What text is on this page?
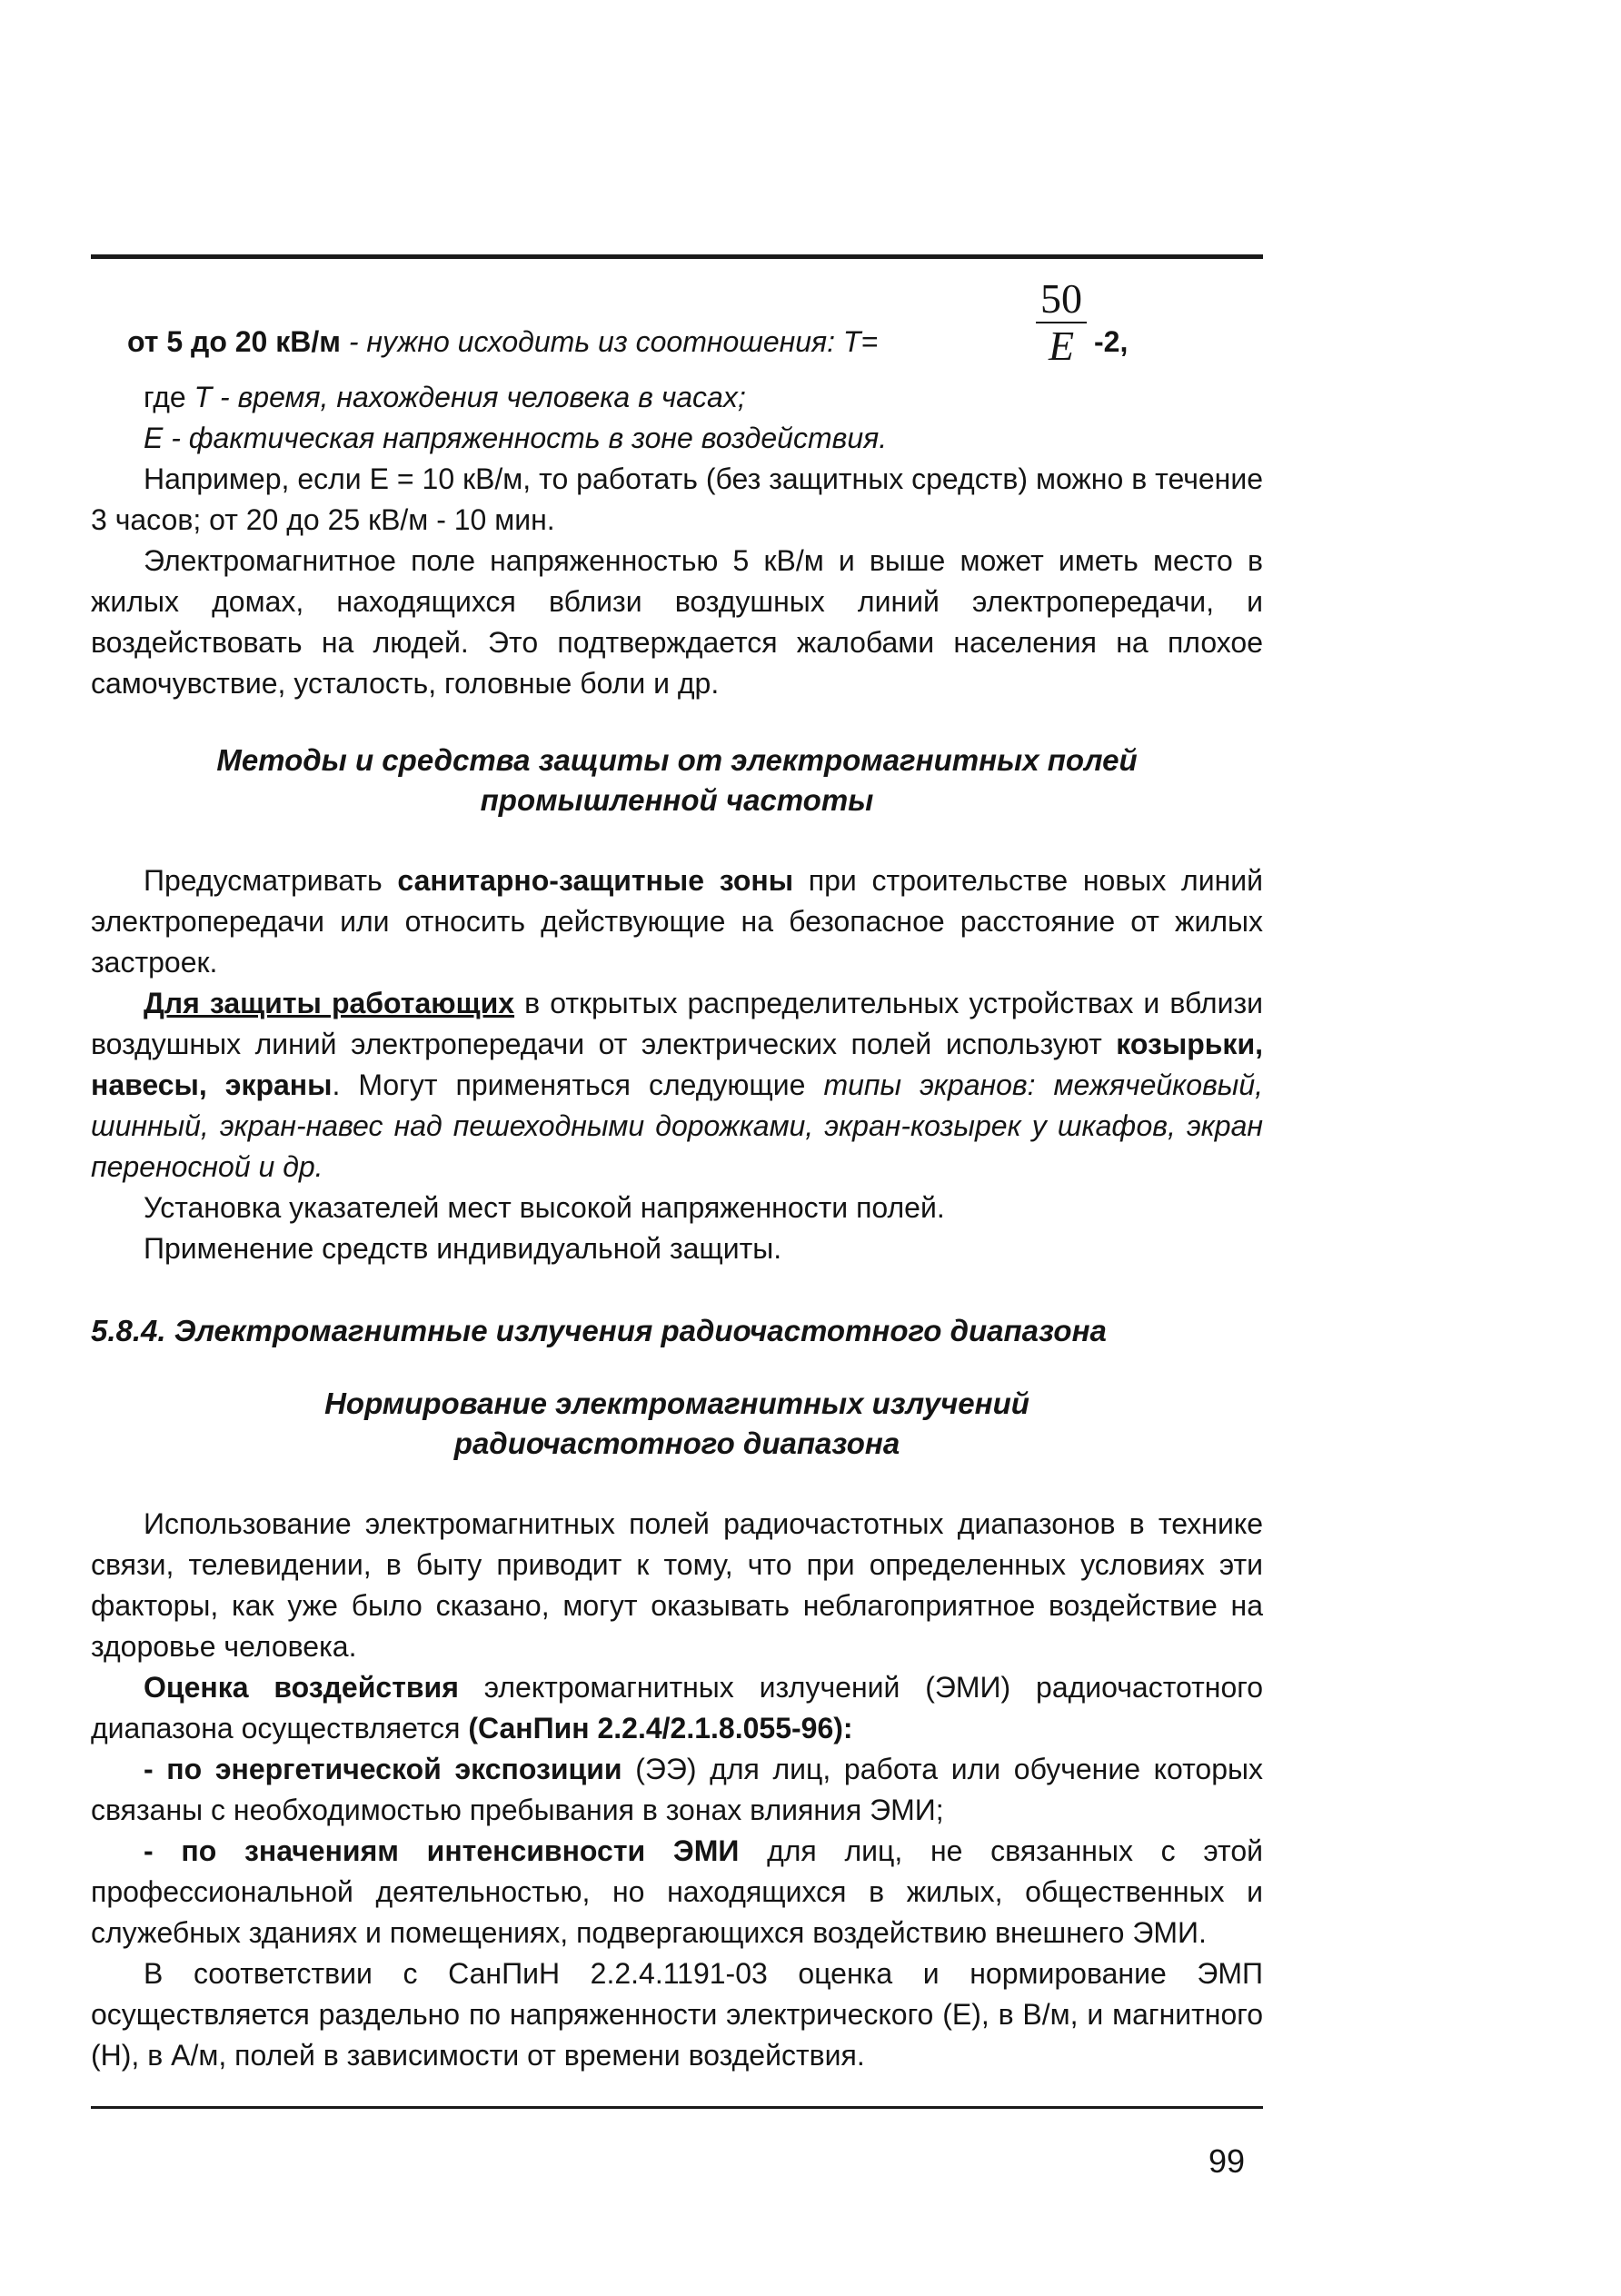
от 5 до 20 кВ/м - нужно исходить из соотношения: T=	$\frac{50}{E} -2$,

где T - время, нахождения человека в часах;

E - фактическая напряженность в зоне воздействия.

Например, если E = 10 кВ/м, то работать (без защитных средств) можно в течение 3 часов; от 20 до 25 кВ/м - 10 мин.

Электромагнитное поле напряженностью 5 кВ/м и выше может иметь место в жилых домах, находящихся вблизи воздушных линий электропередачи, и воздействовать на людей. Это подтверждается жалобами населения на плохое самочувствие, усталость, головные боли и др.

Методы и средства защиты от электромагнитных полей
промышленной частоты

Предусматривать санитарно-защитные зоны при строительстве новых линий электропередачи или относить действующие на безопасное расстояние от жилых застроек.

Для защиты работающих в открытых распределительных устройствах и вблизи воздушных линий электропередачи от электрических полей используют козырьки, навесы, экраны. Могут применяться следующие типы экранов: межячейковый, шинный, экран-навес над пешеходными дорожками, экран-козырек у шкафов, экран переносной и др.

Установка указателей мест высокой напряженности полей.

Применение средств индивидуальной защиты.

5.8.4. Электромагнитные излучения радиочастотного диапазона
Нормирование электромагнитных излучений
радиочастотного диапазона

Использование электромагнитных полей радиочастотных диапазонов в технике связи, телевидении, в быту приводит к тому, что при определенных условиях эти факторы, как уже было сказано, могут оказывать неблагоприятное воздействие на здоровье человека.

Оценка воздействия электромагнитных излучений (ЭМИ) радиочастотного диапазона осуществляется (СанПин 2.2.4/2.1.8.055-96):

- по энергетической экспозиции (ЭЭ) для лиц, работа или обучение которых связаны с необходимостью пребывания в зонах влияния ЭМИ;

- по значениям интенсивности ЭМИ для лиц, не связанных с этой профессиональной деятельностью, но находящихся в жилых, общественных и служебных зданиях и помещениях, подвергающихся воздействию внешнего ЭМИ.

В соответствии с СанПиН 2.2.4.1191-03 оценка и нормирование ЭМП осуществляется раздельно по напряженности электрического (Е), в В/м, и магнитного (Н), в А/м, полей в зависимости от времени воздействия.

99
